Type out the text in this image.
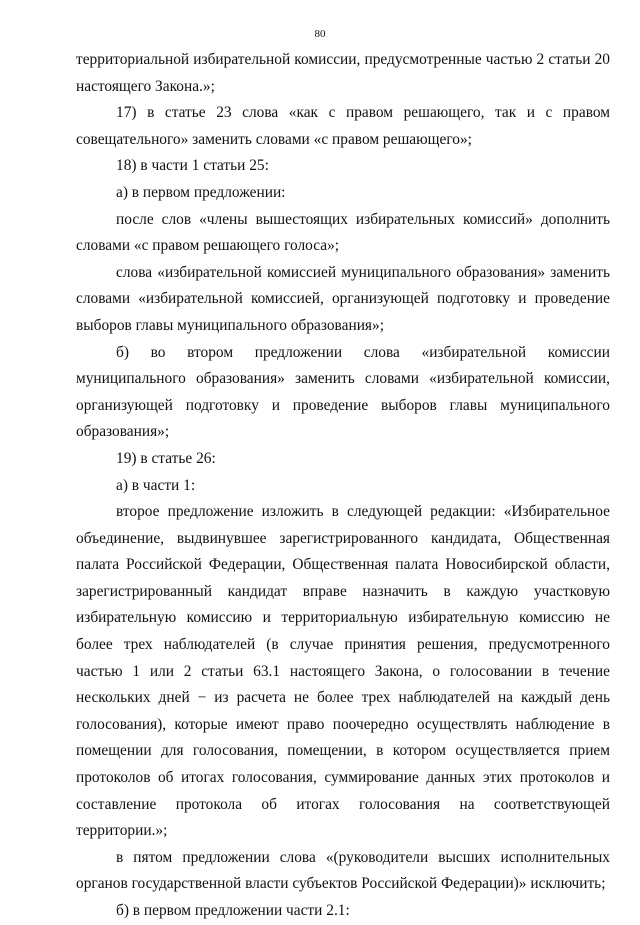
80

территориальной избирательной комиссии, предусмотренные частью 2 статьи 20 настоящего Закона.»;

17) в статье 23 слова «как с правом решающего, так и с правом совещательного» заменить словами «с правом решающего»;

18) в части 1 статьи 25:

а) в первом предложении:

после слов «члены вышестоящих избирательных комиссий» дополнить словами «с правом решающего голоса»;

слова «избирательной комиссией муниципального образования» заменить словами «избирательной комиссией, организующей подготовку и проведение выборов главы муниципального образования»;

б) во втором предложении слова «избирательной комиссии муниципального образования» заменить словами «избирательной комиссии, организующей подготовку и проведение выборов главы муниципального образования»;

19) в статье 26:

а) в части 1:

второе предложение изложить в следующей редакции: «Избирательное объединение, выдвинувшее зарегистрированного кандидата, Общественная палата Российской Федерации, Общественная палата Новосибирской области, зарегистрированный кандидат вправе назначить в каждую участковую избирательную комиссию и территориальную избирательную комиссию не более трех наблюдателей (в случае принятия решения, предусмотренного частью 1 или 2 статьи 63.1 настоящего Закона, о голосовании в течение нескольких дней − из расчета не более трех наблюдателей на каждый день голосования), которые имеют право поочередно осуществлять наблюдение в помещении для голосования, помещении, в котором осуществляется прием протоколов об итогах голосования, суммирование данных этих протоколов и составление протокола об итогах голосования на соответствующей территории.»;

в пятом предложении слова «(руководители высших исполнительных органов государственной власти субъектов Российской Федерации)» исключить;

б) в первом предложении части 2.1:
